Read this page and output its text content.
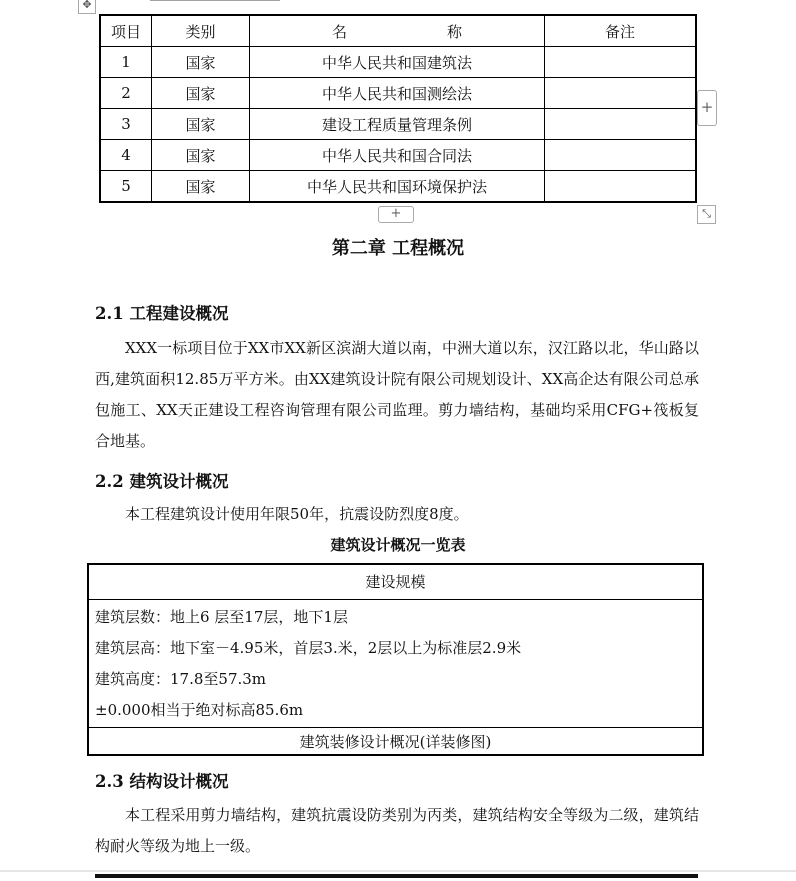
✥
项目	类别	名　　称	备注
1	国家	中华人民共和国建筑法	
2	国家	中华人民共和国测绘法	
3	国家	建设工程质量管理条例	
4	国家	中华人民共和国合同法	
5	国家	中华人民共和国环境保护法	
+
+	⤡
第二章 工程概况
2.1 工程建设概况
XXX一标项目位于XX市XX新区滨湖大道以南，中洲大道以东，汉江路以北，华山路以西,建筑面积12.85万平方米。由XX建筑设计院有限公司规划设计、XX高企达有限公司总承包施工、XX天正建设工程咨询管理有限公司监理。剪力墙结构，基础均采用CFG+筏板复合地基。
2.2 建筑设计概况
本工程建筑设计使用年限50年，抗震设防烈度8度。
建筑设计概况一览表
建设规模
建筑层数：地上6 层至17层，地下1层
建筑层高：地下室－4.95米，首层3.米，2层以上为标准层2.9米
建筑高度：17.8至57.3m
±0.000相当于绝对标高85.6m
建筑装修设计概况(详装修图)
2.3 结构设计概况
本工程采用剪力墙结构，建筑抗震设防类别为丙类，建筑结构安全等级为二级，建筑结构耐火等级为地上一级。
